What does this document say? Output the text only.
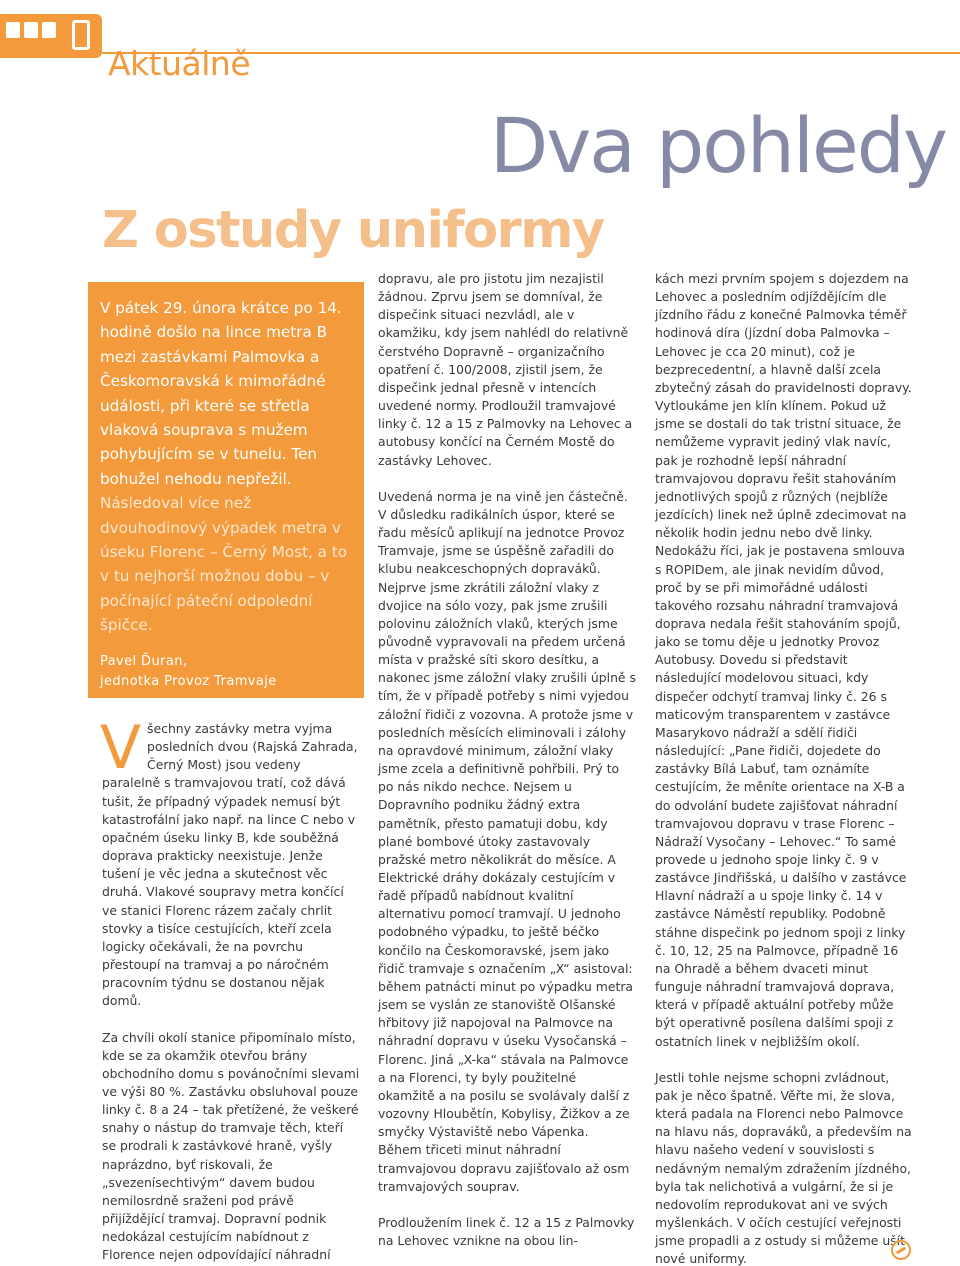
Aktuálně
Dva pohledy
Z ostudy uniformy
V pátek 29. února krátce po 14. hodině došlo na lince metra B mezi zastávkami Palmovka a Českomoravská k mimořádné události, při které se střetla vlaková souprava s mužem pohybujícím se v tunelu. Ten bohužel nehodu nepřežil. Následoval více než dvouhodinový výpadek metra v úseku Florenc – Černý Most, a to v tu nejhorší možnou dobu – v počínající páteční odpolední špičce.
Pavel Ďuran,
jednotka Provoz Tramvaje

Všechny zastávky metra vyjma posledních dvou (Rajská Zahrada, Černý Most) jsou vedeny paralelně s tramvajovou tratí, což dává tušit, že případný výpadek nemusí být katastrofální jako např. na lince C nebo v opačném úseku linky B, kde souběžná doprava prakticky neexistuje. Jenže tušení je věc jedna a skutečnost věc druhá. Vlakové soupravy metra končící ve stanici Florenc rázem začaly chrlit stovky a tisíce cestujících, kteří zcela logicky očekávali, že na povrchu přestoupí na tramvaj a po náročném pracovním týdnu se dostanou nějak domů.

Za chvíli okolí stanice připomínalo místo, kde se za okamžik otevřou brány obchodního domu s povánočními slevami ve výši 80 %. Zastávku obsluhoval pouze linky č. 8 a 24 – tak přetížené, že veškeré snahy o nástup do tramvaje těch, kteří se prodrali k zastávkové hraně, vyšly naprázdno, byť riskovali, že „svezenísechtivým“ davem budou nemilosrdně sraženi pod právě přijíždějící tramvaj. Dopravní podnik nedokázal cestujícím nabídnout z Florence nejen odpovídající náhradní

dopravu, ale pro jistotu jim nezajistil žádnou. Zprvu jsem se domníval, že dispečink situaci nezvládl, ale v okamžiku, kdy jsem nahlédl do relativně čerstvého Dopravně – organizačního opatření č. 100/2008, zjistil jsem, že dispečink jednal přesně v intencích uvedené normy. Prodloužil tramvajové linky č. 12 a 15 z Palmovky na Lehovec a autobusy končící na Černém Mostě do zastávky Lehovec.

Uvedená norma je na vině jen částečně. V důsledku radikálních úspor, které se řadu měsíců aplikují na jednotce Provoz Tramvaje, jsme se úspěšně zařadili do klubu neakceschopných dopraváků. Nejprve jsme zkrátili záložní vlaky z dvojice na sólo vozy, pak jsme zrušili polovinu záložních vlaků, kterých jsme původně vypravovali na předem určená místa v pražské síti skoro desítku, a nakonec jsme záložní vlaky zrušili úplně s tím, že v případě potřeby s nimi vyjedou záložní řidiči z vozovna. A protože jsme v posledních měsících eliminovali i zálohy na opravdové minimum, záložní vlaky jsme zcela a definitivně pohřbili. Prý to po nás nikdo nechce. Nejsem u Dopravního podniku žádný extra pamětník, přesto pamatuji dobu, kdy plané bombové útoky zastavovaly pražské metro několikrát do měsíce. A Elektrické dráhy dokázaly cestujícím v řadě případů nabídnout kvalitní alternativu pomocí tramvají. U jednoho podobného výpadku, to ještě béčko končilo na Českomoravské, jsem jako řidič tramvaje s označením „X“ asistoval: během patnácti minut po výpadku metra jsem se vyslán ze stanoviště Olšanské hřbitovy již napojoval na Palmovce na náhradní dopravu v úseku Vysočanská – Florenc. Jiná „X-ka“ stávala na Palmovce a na Florenci, ty byly použitelné okamžitě a na posilu se svolávaly další z vozovny Hloubětín, Kobylisy, Žižkov a ze smyčky Výstaviště nebo Vápenka. Během třiceti minut náhradní tramvajovou dopravu zajišťovalo až osm tramvajových souprav.

Prodloužením linek č. 12 a 15 z Palmovky na Lehovec vznikne na obou lin-

kách mezi prvním spojem s dojezdem na Lehovec a posledním odjíždějícím dle jízdního řádu z konečné Palmovka téměř hodinová díra (jízdní doba Palmovka – Lehovec je cca 20 minut), což je bezprecedentní, a hlavně další zcela zbytečný zásah do pravidelnosti dopravy. Vytloukáme jen klín klínem. Pokud už jsme se dostali do tak tristní situace, že nemůžeme vypravit jediný vlak navíc, pak je rozhodně lepší náhradní tramvajovou dopravu řešit stahováním jednotlivých spojů z různých (nejblíže jezdících) linek než úplně zdecimovat na několik hodin jednu nebo dvě linky. Nedokážu říci, jak je postavena smlouva s ROPIDem, ale jinak nevidím důvod, proč by se při mimořádné události takového rozsahu náhradní tramvajová doprava nedala řešit stahováním spojů, jako se tomu děje u jednotky Provoz Autobusy. Dovedu si představit následující modelovou situaci, kdy dispečer odchytí tramvaj linky č. 26 s maticovým transparentem v zastávce Masarykovo nádraží a sdělí řidiči následující: „Pane řidiči, dojedete do zastávky Bílá Labuť, tam oznámíte cestujícím, že měníte orientace na X-B a do odvolání budete zajišťovat náhradní tramvajovou dopravu v trase Florenc – Nádraží Vysočany – Lehovec.“ To samé provede u jednoho spoje linky č. 9 v zastávce Jindřišská, u dalšího v zastávce Hlavní nádraží a u spoje linky č. 14 v zastávce Náměstí republiky. Podobně stáhne dispečink po jednom spoji z linky č. 10, 12, 25 na Palmovce, případně 16 na Ohradě a během dvaceti minut funguje náhradní tramvajová doprava, která v případě aktuální potřeby může být operativně posílena dalšími spoji z ostatních linek v nejbližším okolí.

Jestli tohle nejsme schopni zvládnout, pak je něco špatně. Věřte mi, že slova, která padala na Florenci nebo Palmovce na hlavu nás, dopraváků, a především na hlavu našeho vedení v souvislosti s nedávným nemalým zdražením jízdného, byla tak nelichotivá a vulgární, že si je nedovolím reprodukovat ani ve svých myšlenkách. V očích cestující veřejnosti jsme propadli a z ostudy si můžeme ušít nové uniformy.
